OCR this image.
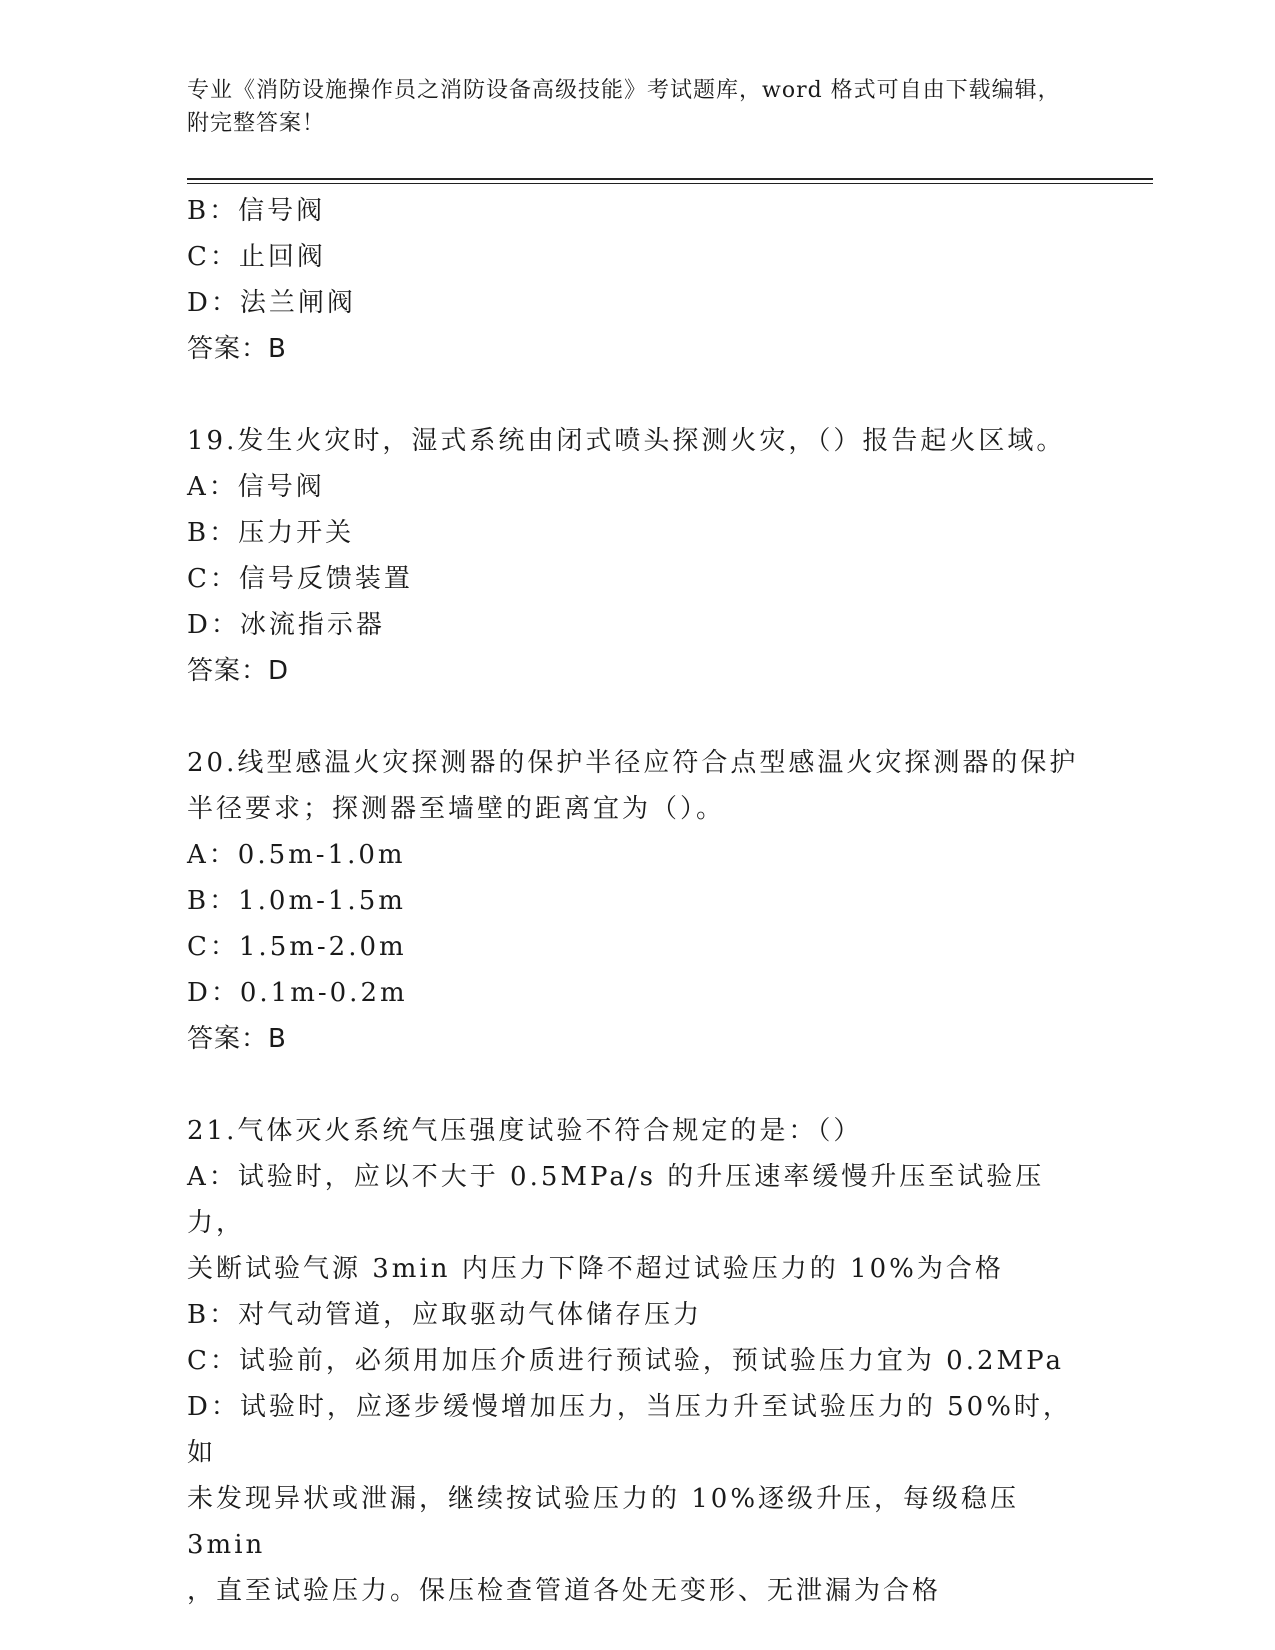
专业《消防设施操作员之消防设备高级技能》考试题库，word 格式可自由下载编辑，附完整答案！

B：信号阀

C：止回阀

D：法兰闸阀

答案：B

19.发生火灾时，湿式系统由闭式喷头探测火灾，（）报告起火区域。

A：信号阀

B：压力开关

C：信号反馈装置

D：冰流指示器

答案：D

20.线型感温火灾探测器的保护半径应符合点型感温火灾探测器的保护

半径要求；探测器至墙壁的距离宜为（）。

A：0.5m-1.0m

B：1.0m-1.5m

C：1.5m-2.0m

D：0.1m-0.2m

答案：B

21.气体灭火系统气压强度试验不符合规定的是：（）

A：试验时，应以不大于 0.5MPa/s 的升压速率缓慢升压至试验压力，

关断试验气源 3min 内压力下降不超过试验压力的 10%为合格

B：对气动管道，应取驱动气体储存压力

C：试验前，必须用加压介质进行预试验，预试验压力宜为 0.2MPa

D：试验时，应逐步缓慢增加压力，当压力升至试验压力的 50%时，如

未发现异状或泄漏，继续按试验压力的 10%逐级升压，每级稳压 3min

，直至试验压力。保压检查管道各处无变形、无泄漏为合格
